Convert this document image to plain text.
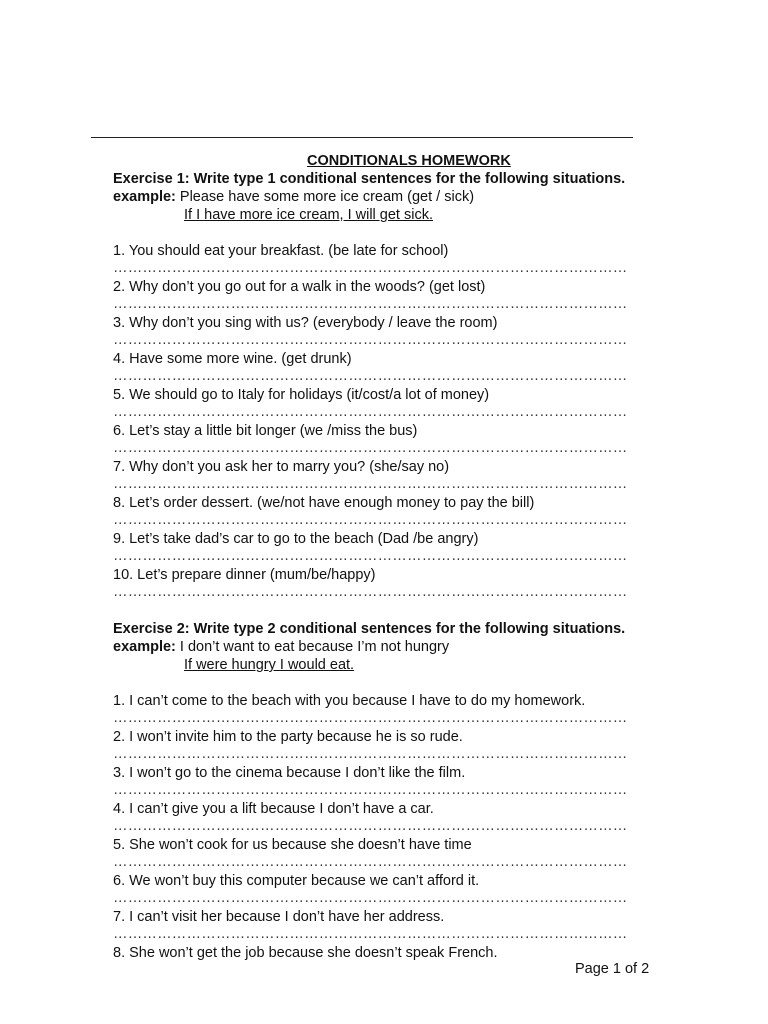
CONDITIONALS HOMEWORK
Exercise 1: Write type 1 conditional sentences for the following situations.
example: Please have some more ice cream (get / sick)
If I have more ice cream, I will get sick.
1. You should eat your breakfast. (be late for school)
……………………………………………………………………………………………
2. Why don’t you go out for a walk in the woods? (get lost)
……………………………………………………………………………………………
3. Why don’t you sing with us? (everybody / leave the room)
……………………………………………………………………………………………
4. Have some more wine. (get drunk)
……………………………………………………………………………………………
5. We should go to Italy for holidays (it/cost/a lot of money)
……………………………………………………………………………………………
6. Let’s stay a little bit longer (we /miss the bus)
……………………………………………………………………………………………
7. Why don’t you ask her to marry you? (she/say no)
……………………………………………………………………………………………
8. Let’s order dessert. (we/not have enough money to pay the bill)
……………………………………………………………………………………………
9. Let’s take dad’s car to go to the beach (Dad /be angry)
……………………………………………………………………………………………
10. Let’s prepare dinner (mum/be/happy)
……………………………………………………………………………………………
Exercise 2: Write type 2 conditional sentences for the following situations.
example: I don’t want to eat because I’m not hungry
If were hungry I would eat.
1. I can’t come to the beach with you because I have to do my homework.
……………………………………………………………………………………………
2. I won’t invite him to the party because he is so rude.
……………………………………………………………………………………………
3. I won’t go to the cinema because I don’t like the film.
……………………………………………………………………………………………
4. I can’t give you a lift because I don’t have a car.
……………………………………………………………………………………………
5. She won’t cook for us because she doesn’t have time
……………………………………………………………………………………………
6. We won’t buy this computer because we can’t afford it.
……………………………………………………………………………………………
7. I can’t visit her because I don’t have her address.
……………………………………………………………………………………………
8. She won’t get the job because she doesn’t speak French.
Page 1 of 2
